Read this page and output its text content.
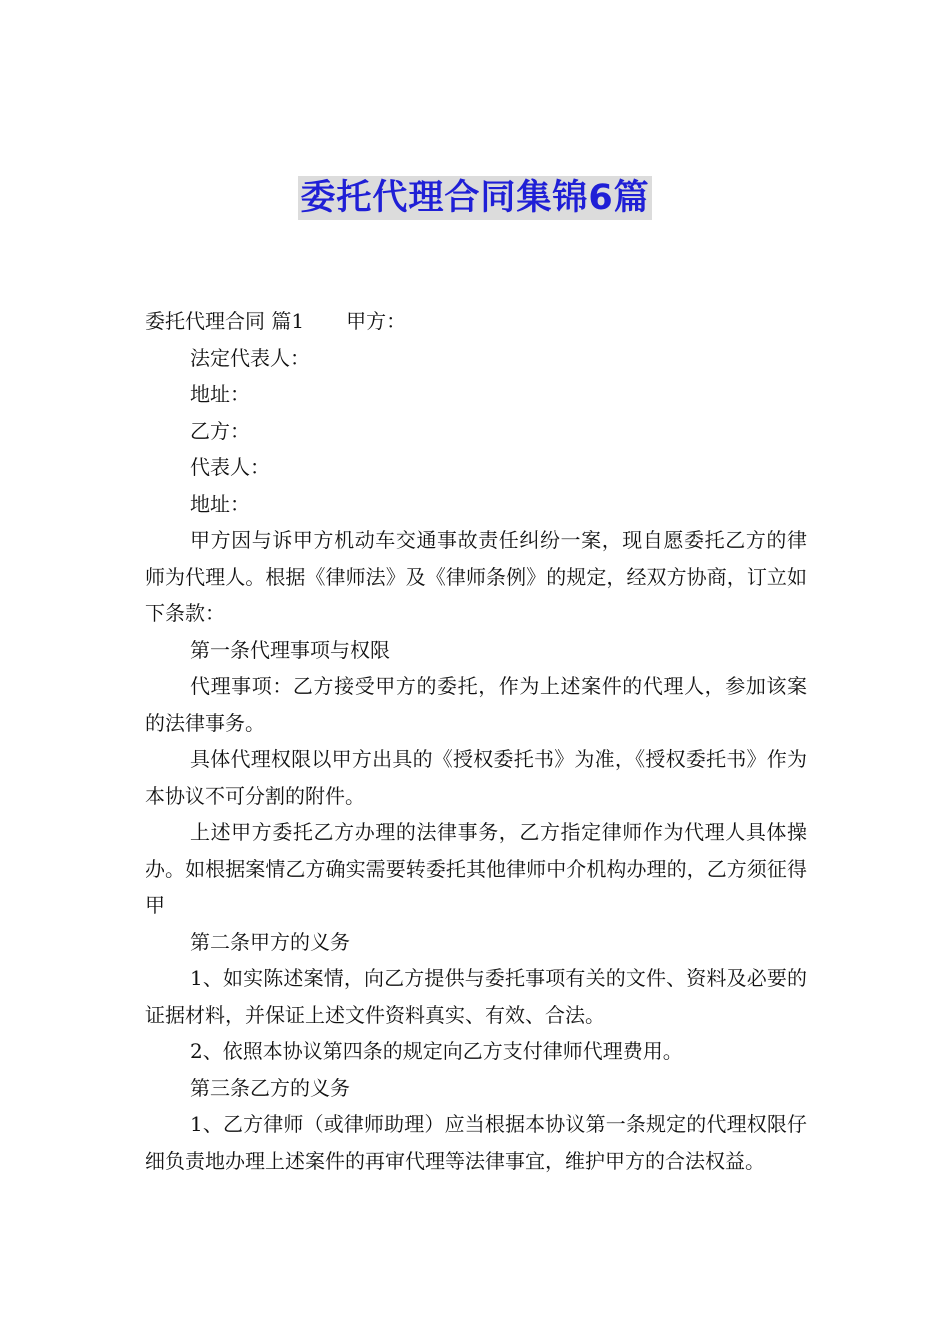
委托代理合同集锦6篇

委托代理合同 篇1 甲方：

法定代表人：

地址：

乙方：

代表人：

地址：

甲方因与诉甲方机动车交通事故责任纠纷一案，现自愿委托乙方的律师为代理人。根据《律师法》及《律师条例》的规定，经双方协商，订立如下条款：

第一条代理事项与权限

代理事项：乙方接受甲方的委托，作为上述案件的代理人，参加该案的法律事务。

具体代理权限以甲方出具的《授权委托书》为准，《授权委托书》作为本协议不可分割的附件。

上述甲方委托乙方办理的法律事务，乙方指定律师作为代理人具体操办。如根据案情乙方确实需要转委托其他律师中介机构办理的，乙方须征得甲

第二条甲方的义务

1、如实陈述案情，向乙方提供与委托事项有关的文件、资料及必要的证据材料，并保证上述文件资料真实、有效、合法。

2、依照本协议第四条的规定向乙方支付律师代理费用。

第三条乙方的义务

1、乙方律师（或律师助理）应当根据本协议第一条规定的代理权限仔细负责地办理上述案件的再审代理等法律事宜，维护甲方的合法权益。
